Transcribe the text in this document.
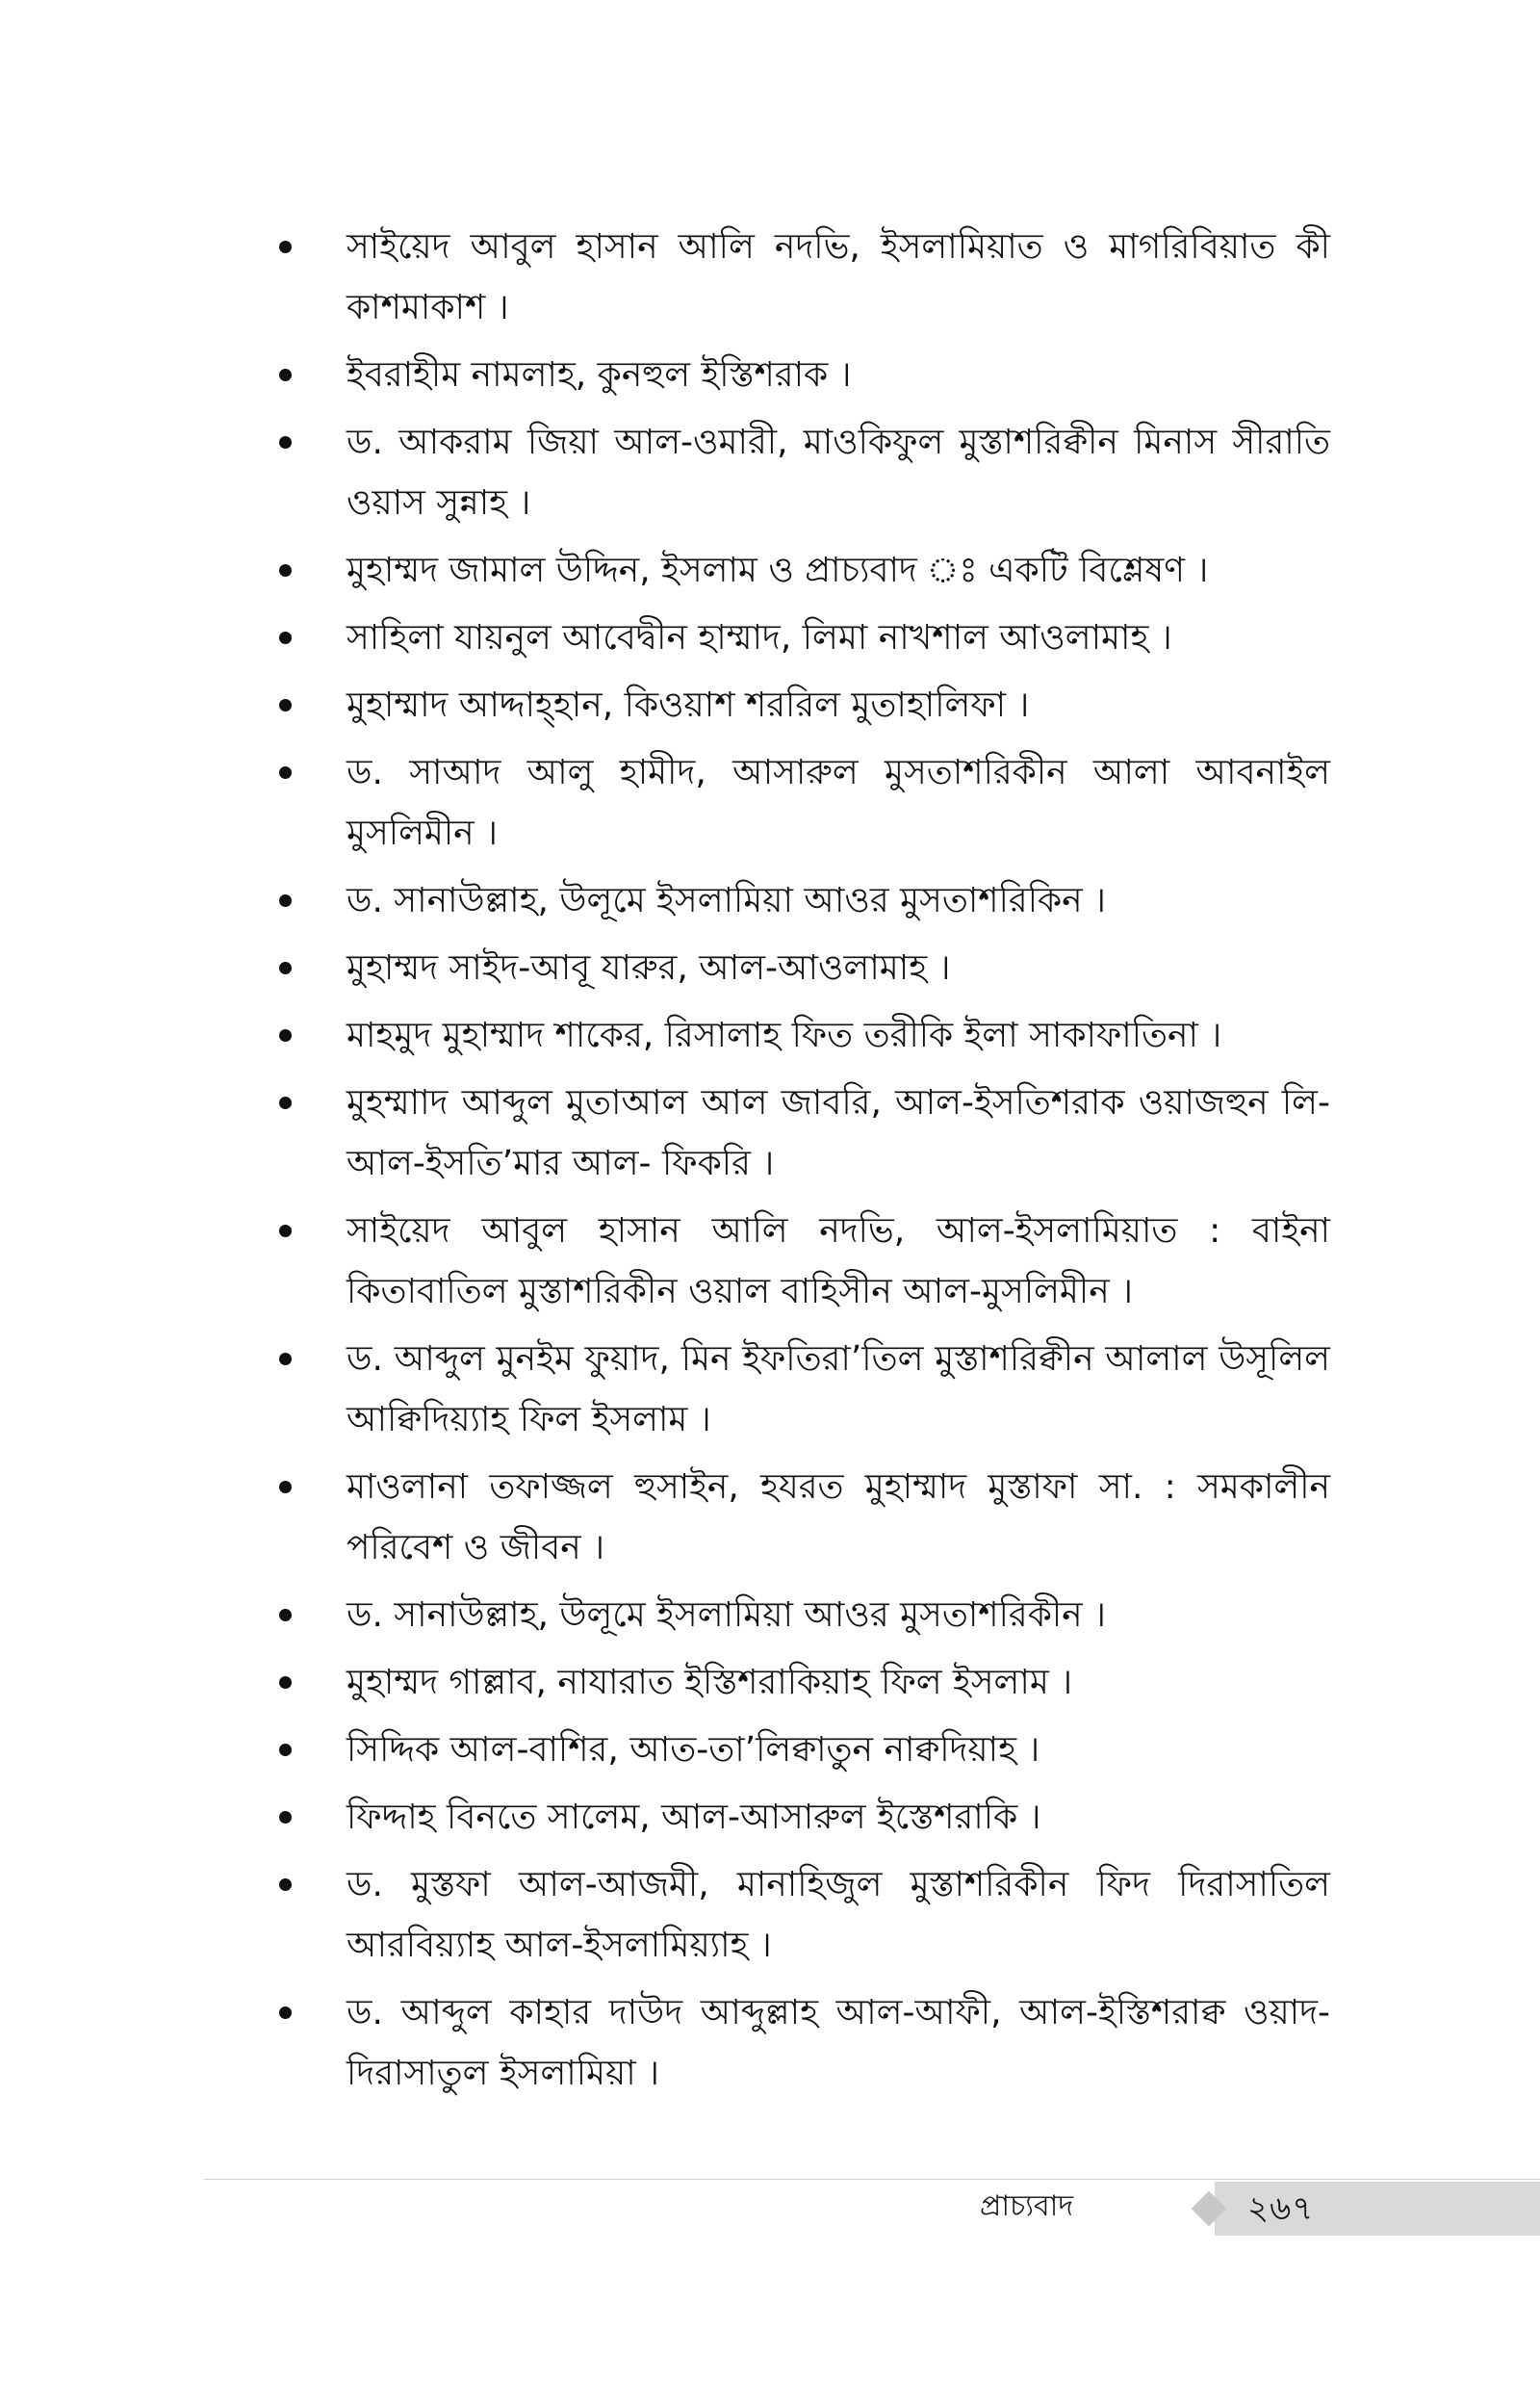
সাইয়েদ আবুল হাসান আলি নদভি, ইসলামিয়াত ও মাগরিবিয়াত কী কাশমাকাশ ।
ইবরাহীম নামলাহ, কুনহুল ইস্তিশরাক ।
ড. আকরাম জিয়া আল-ওমারী, মাওকিফুল মুস্তাশরিক্বীন মিনাস সীরাতি ওয়াস সুন্নাহ ।
মুহাম্মদ জামাল উদ্দিন, ইসলাম ও প্রাচ্যবাদ ঃ একটি বিশ্লেষণ ।
সাহিলা যায়নুল আবেদ্বীন হাম্মাদ, লিমা নাখশাল আওলামাহ ।
মুহাম্মাদ আদ্দাহ্হান, কিওয়াশ শররিল মুতাহালিফা ।
ড. সাআদ আলু হামীদ, আসারুল মুসতাশরিকীন আলা আবনাইল মুসলিমীন ।
ড. সানাউল্লাহ, উলূমে ইসলামিয়া আওর মুসতাশরিকিন ।
মুহাম্মদ সাইদ-আবূ যারুর, আল-আওলামাহ ।
মাহমুদ মুহাম্মাদ শাকের, রিসালাহ ফিত তরীকি ইলা সাকাফাতিনা ।
মুহম্মাাদ আব্দুল মুতাআল আল জাবরি, আল-ইসতিশরাক ওয়াজহুন লি- আল-ইসতি’মার আল- ফিকরি ।
সাইয়েদ আবুল হাসান আলি নদভি, আল-ইসলামিয়াত : বাইনা কিতাবাতিল মুস্তাশরিকীন ওয়াল বাহিসীন আল-মুসলিমীন ।
ড. আব্দুল মুনইম ফুয়াদ, মিন ইফতিরা’তিল মুস্তাশরিক্বীন আলাল উসূলিল আক্বিদিয়্যাহ ফিল ইসলাম ।
মাওলানা তফাজ্জল হুসাইন, হযরত মুহাম্মাদ মুস্তাফা সা. : সমকালীন পরিবেশ ও জীবন ।
ড. সানাউল্লাহ, উলূমে ইসলামিয়া আওর মুসতাশরিকীন ।
মুহাম্মদ গাল্লাব, নাযারাত ইস্তিশরাকিয়াহ ফিল ইসলাম ।
সিদ্দিক আল-বাশির, আত-তা’লিক্বাতুন নাক্বদিয়াহ ।
ফিদ্দাহ বিনতে সালেম, আল-আসারুল ইস্তেশরাকি ।
ড. মুস্তফা আল-আজমী, মানাহিজুল মুস্তাশরিকীন ফিদ দিরাসাতিল আরবিয়্যাহ আল-ইসলামিয়্যাহ ।
ড. আব্দুল কাহার দাউদ আব্দুল্লাহ আল-আফী, আল-ইস্তিশরাক্ব ওয়াদ-দিরাসাতুল ইসলামিয়া ।
প্রাচ্যবাদ	২৬৭
